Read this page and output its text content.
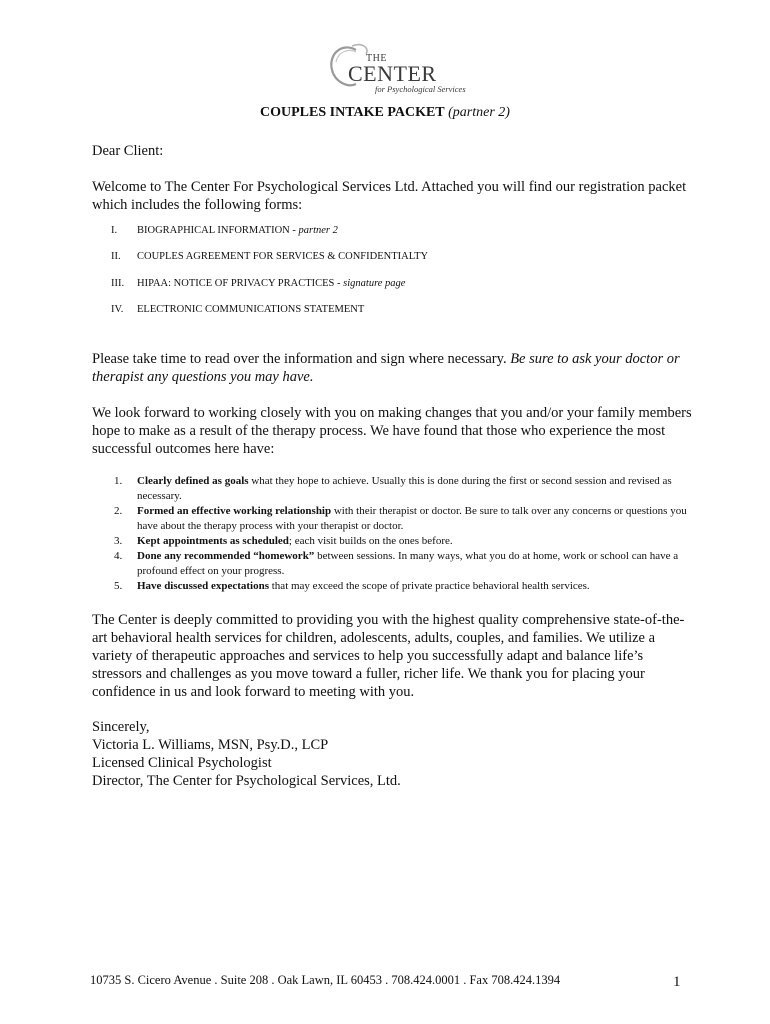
THE
CENTER
for Psychological Services
COUPLES INTAKE PACKET (partner 2)
Dear Client:
Welcome to The Center For Psychological Services Ltd. Attached you will find our registration packet which includes the following forms:
I. BIOGRAPHICAL INFORMATION - partner 2
II. COUPLES AGREEMENT FOR SERVICES & CONFIDENTIALTY
III. HIPAA: NOTICE OF PRIVACY PRACTICES - signature page
IV. ELECTRONIC COMMUNICATIONS STATEMENT
Please take time to read over the information and sign where necessary. Be sure to ask your doctor or therapist any questions you may have.
We look forward to working closely with you on making changes that you and/or your family members hope to make as a result of the therapy process. We have found that those who experience the most successful outcomes here have:
1. Clearly defined as goals what they hope to achieve. Usually this is done during the first or second session and revised as necessary.
2. Formed an effective working relationship with their therapist or doctor. Be sure to talk over any concerns or questions you have about the therapy process with your therapist or doctor.
3. Kept appointments as scheduled; each visit builds on the ones before.
4. Done any recommended “homework” between sessions. In many ways, what you do at home, work or school can have a profound effect on your progress.
5. Have discussed expectations that may exceed the scope of private practice behavioral health services.
The Center is deeply committed to providing you with the highest quality comprehensive state-of-the-art behavioral health services for children, adolescents, adults, couples, and families. We utilize a variety of therapeutic approaches and services to help you successfully adapt and balance life’s stressors and challenges as you move toward a fuller, richer life. We thank you for placing your confidence in us and look forward to meeting with you.
Sincerely,
Victoria L. Williams, MSN, Psy.D., LCP
Licensed Clinical Psychologist
Director, The Center for Psychological Services, Ltd.
10735 S. Cicero Avenue . Suite 208 . Oak Lawn, IL 60453 . 708.424.0001 . Fax 708.424.1394	1
